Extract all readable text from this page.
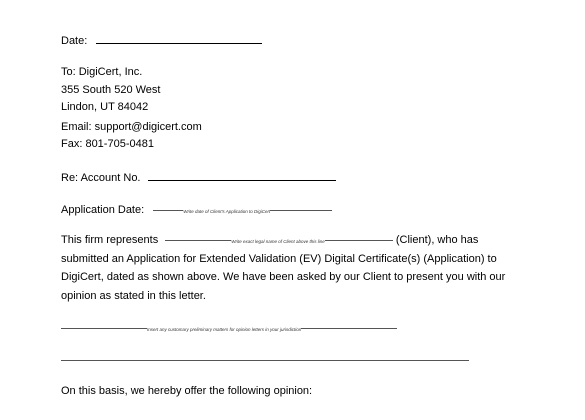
Date:
To: DigiCert, Inc.
355 South 520 West
Lindon, UT 84042
Email: support@digicert.com
Fax: 801-705-0481
Re: Account No.
Application Date:	Write date of Client's Application to DigiCert
This firm represents	Write exact legal name of Client above this line	(Client), who has
submitted an Application for Extended Validation (EV) Digital Certificate(s) (Application) to
DigiCert, dated as shown above. We have been asked by our Client to present you with our
opinion as stated in this letter.
Insert any customary preliminary matters for opinion letters in your jurisdiction
On this basis, we hereby offer the following opinion:
